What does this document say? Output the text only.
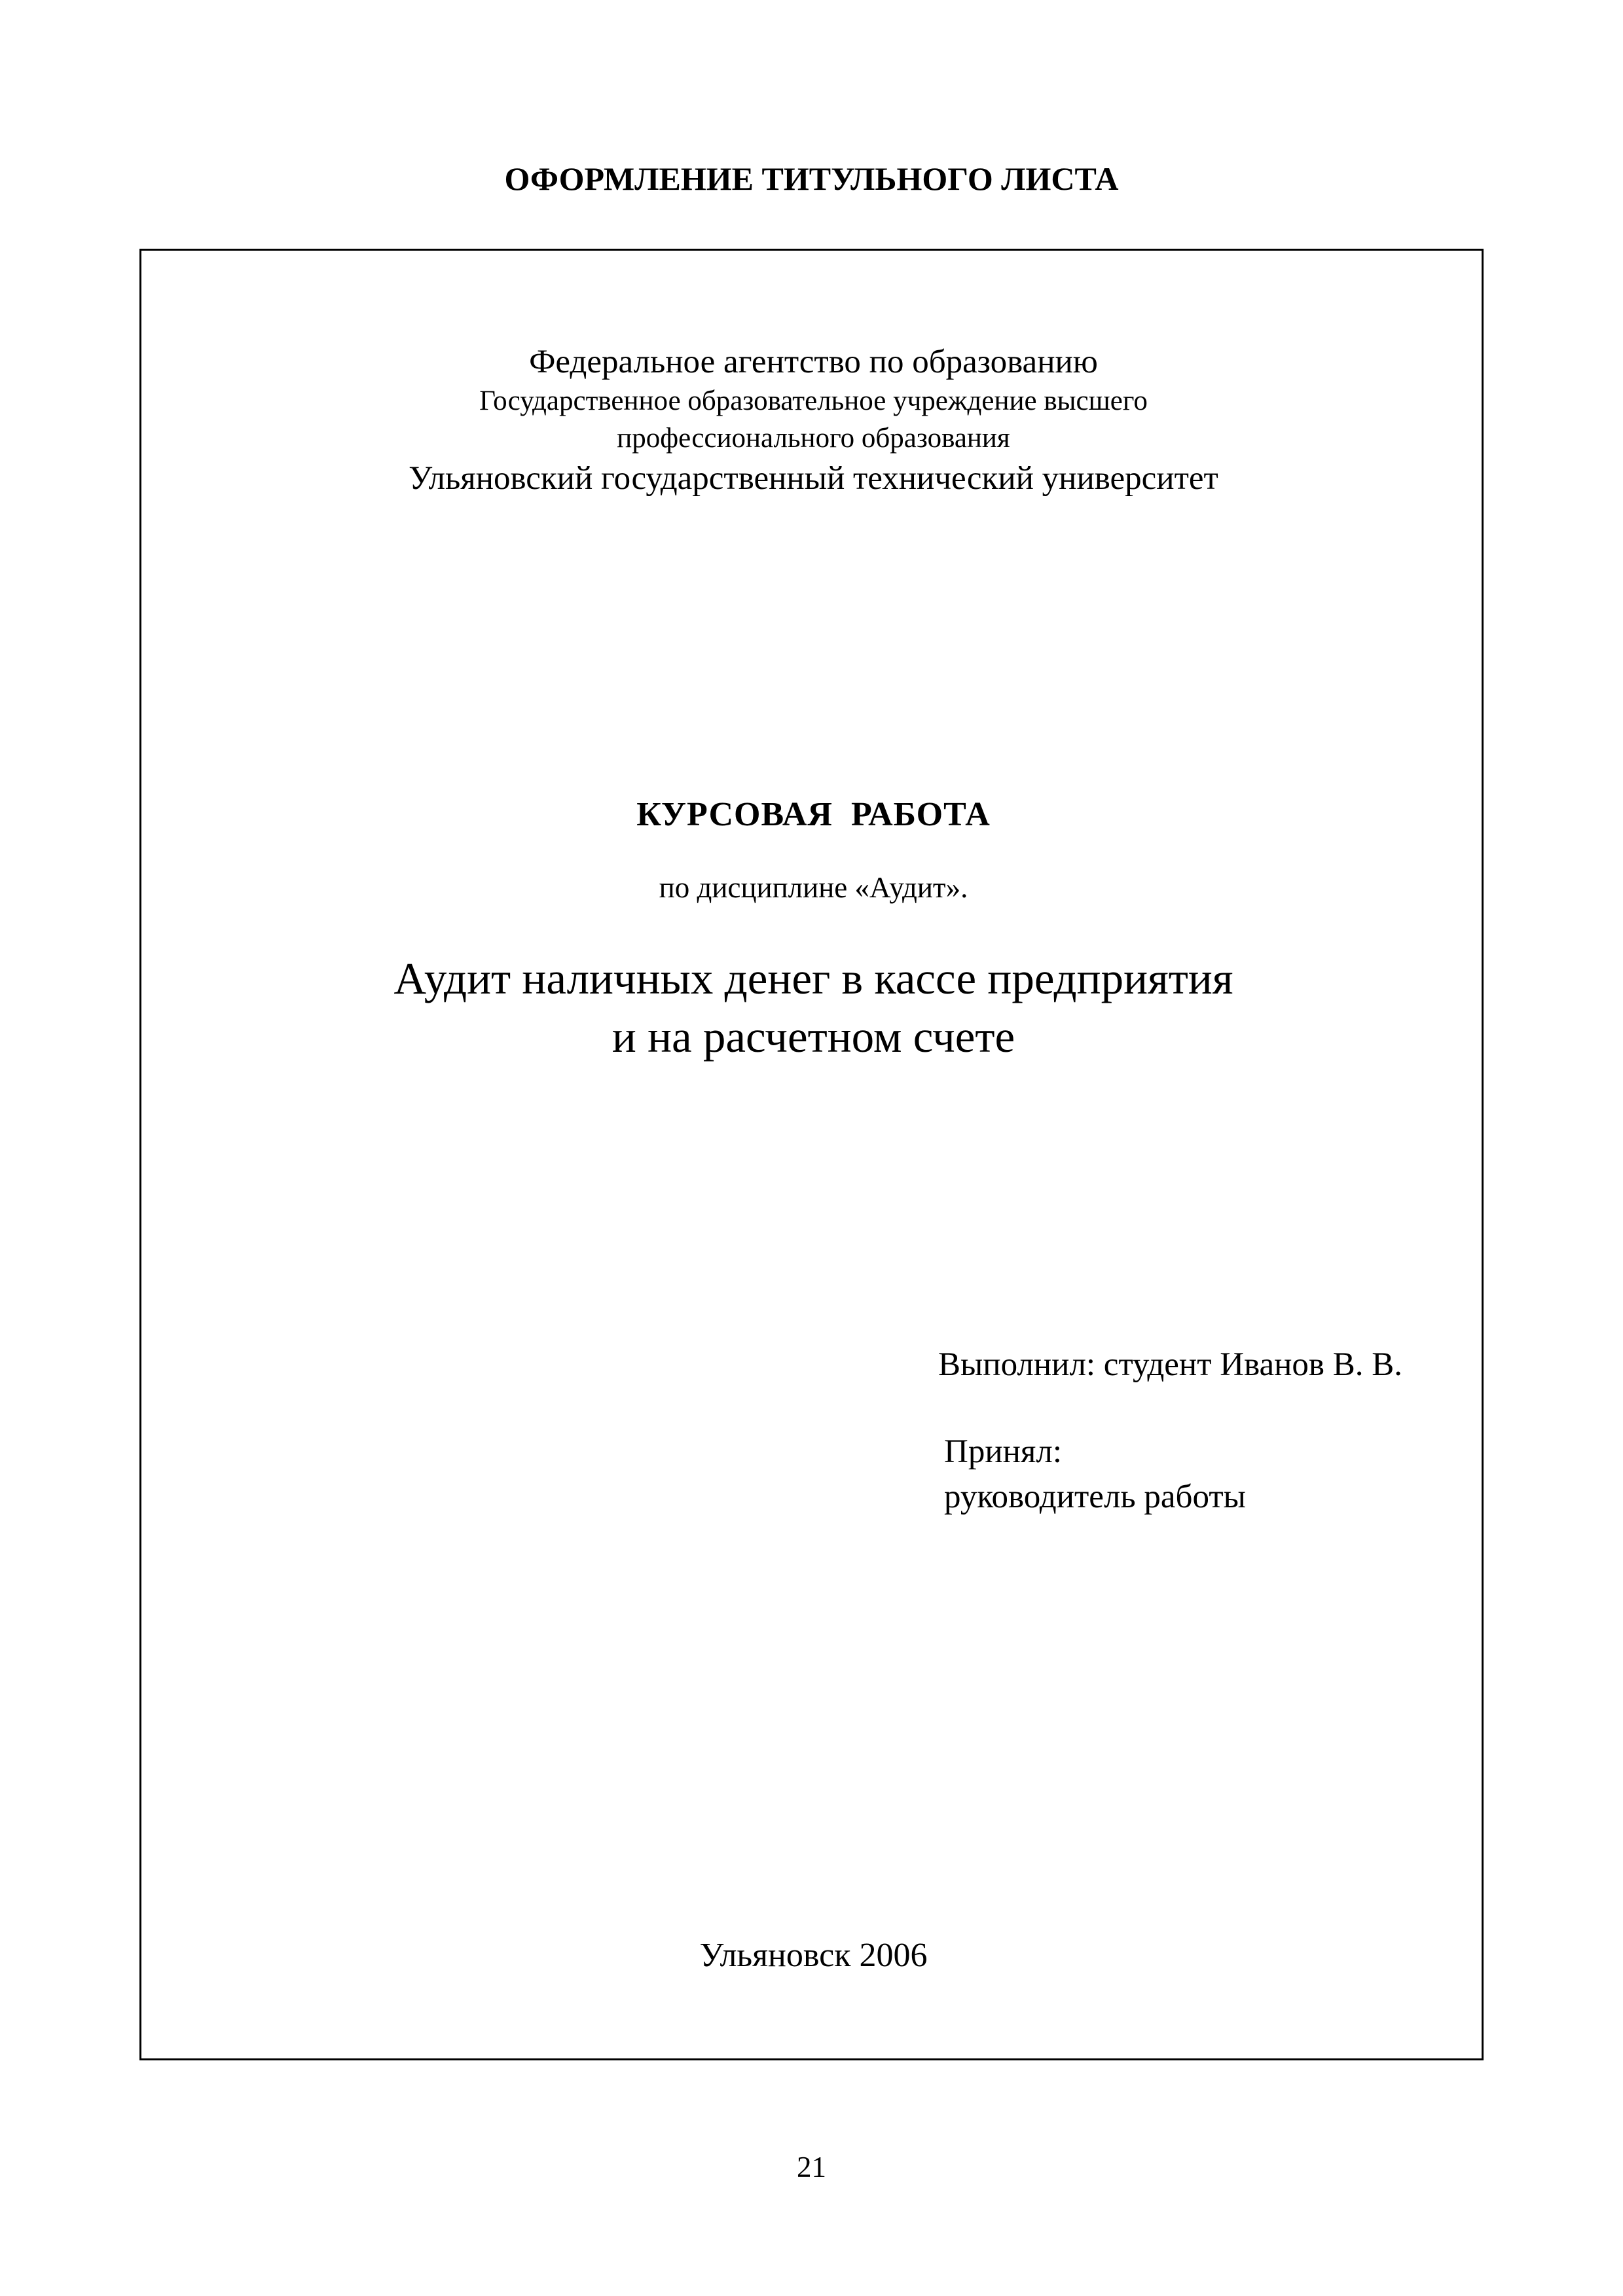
ОФОРМЛЕНИЕ ТИТУЛЬНОГО ЛИСТА
Федеральное агентство по образованию
Государственное образовательное учреждение высшего
профессионального образования
Ульяновский государственный технический университет
КУРСОВАЯ  РАБОТА
по дисциплине «Аудит».
Аудит наличных денег в кассе предприятия
и на расчетном счете
Выполнил: студент Иванов В. В.
Принял:
руководитель работы
Ульяновск 2006
21
